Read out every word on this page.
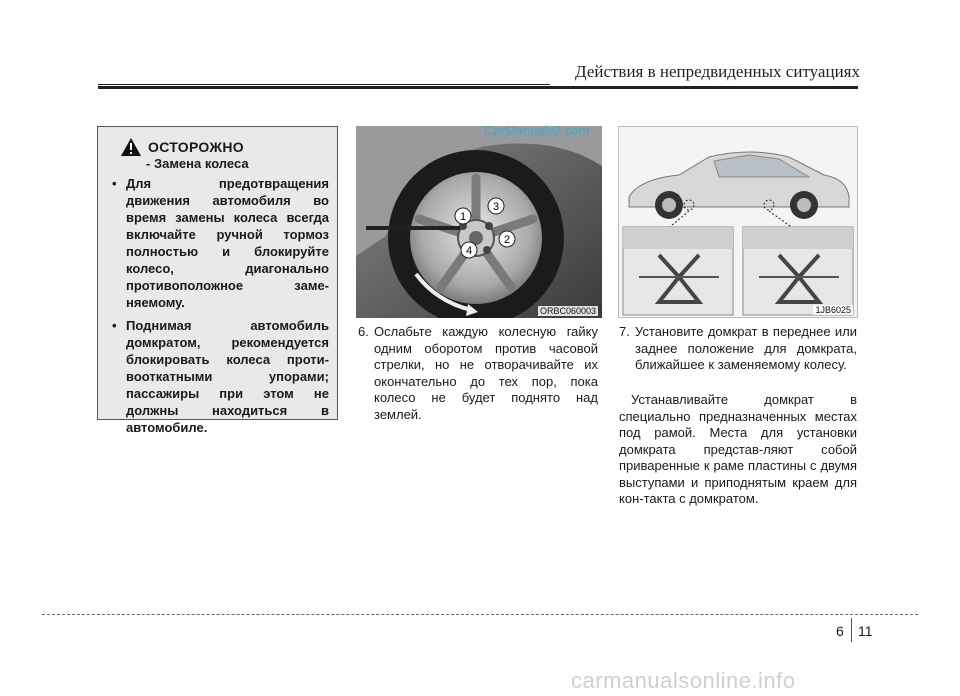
Действия в непредвиденных ситуациях
ОСТОРОЖНО
- Замена колеса
• Для предотвращения движения автомобиля во время замены колеса всегда включайте ручной тормоз полностью и блокируйте колесо, диагонально противоположное заме-няемому.
• Поднимая автомобиль домкратом, рекомендуется блокировать колеса проти-вооткатными упорами; пассажиры при этом не должны находиться в автомобиле.
1
2
3
4
ORBC060003
CarManuals2.com
1JB6025
6. Ослабьте каждую колесную гайку одним оборотом против часовой стрелки, но не отворачивайте их окончательно до тех пор, пока колесо не будет поднято над землей.
7. Установите домкрат в переднее или заднее положение для домкрата, ближайшее к заменяемому колесу.
Устанавливайте домкрат в специально предназначенных местах под рамой. Места для установки домкрата представ-ляют собой приваренные к раме пластины с двумя выступами и приподнятым краем для кон-такта с домкратом.
6 11
carmanualsonline.info
